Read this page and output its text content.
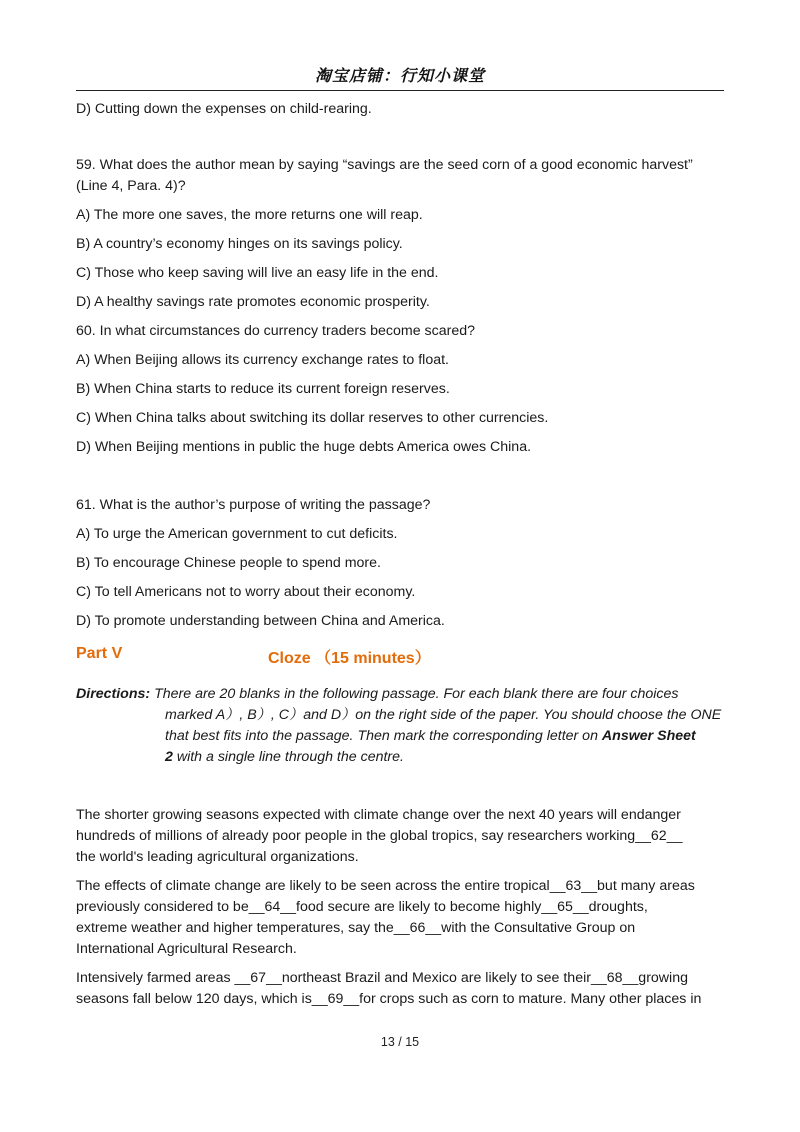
淘宝店铺：行知小课堂
D) Cutting down the expenses on child-rearing.
59. What does the author mean by saying “savings are the seed corn of a good economic harvest”
(Line 4, Para. 4)?
A) The more one saves, the more returns one will reap.
B) A country’s economy hinges on its savings policy.
C) Those who keep saving will live an easy life in the end.
D) A healthy savings rate promotes economic prosperity.
60. In what circumstances do currency traders become scared?
A) When Beijing allows its currency exchange rates to float.
B) When China starts to reduce its current foreign reserves.
C) When China talks about switching its dollar reserves to other currencies.
D) When Beijing mentions in public the huge debts America owes China.
61. What is the author’s purpose of writing the passage?
A) To urge the American government to cut deficits.
B) To encourage Chinese people to spend more.
C) To tell Americans not to worry about their economy.
D) To promote understanding between China and America.
Part V	Cloze （15 minutes）
Directions: There are 20 blanks in the following passage. For each blank there are four choices
marked A）, B）, C）and D）on the right side of the paper. You should choose the ONE
that best fits into the passage. Then mark the corresponding letter on Answer Sheet
2 with a single line through the centre.
The shorter growing seasons expected with climate change over the next 40 years will endanger
hundreds of millions of already poor people in the global tropics, say researchers working__62__
the world's leading agricultural organizations.
The effects of climate change are likely to be seen across the entire tropical__63__but many areas
previously considered to be__64__food secure are likely to become highly__65__droughts,
extreme weather and higher temperatures, say the__66__with the Consultative Group on
International Agricultural Research.
Intensively farmed areas __67__northeast Brazil and Mexico are likely to see their__68__growing
seasons fall below 120 days, which is__69__for crops such as corn to mature. Many other places in
13 / 15
